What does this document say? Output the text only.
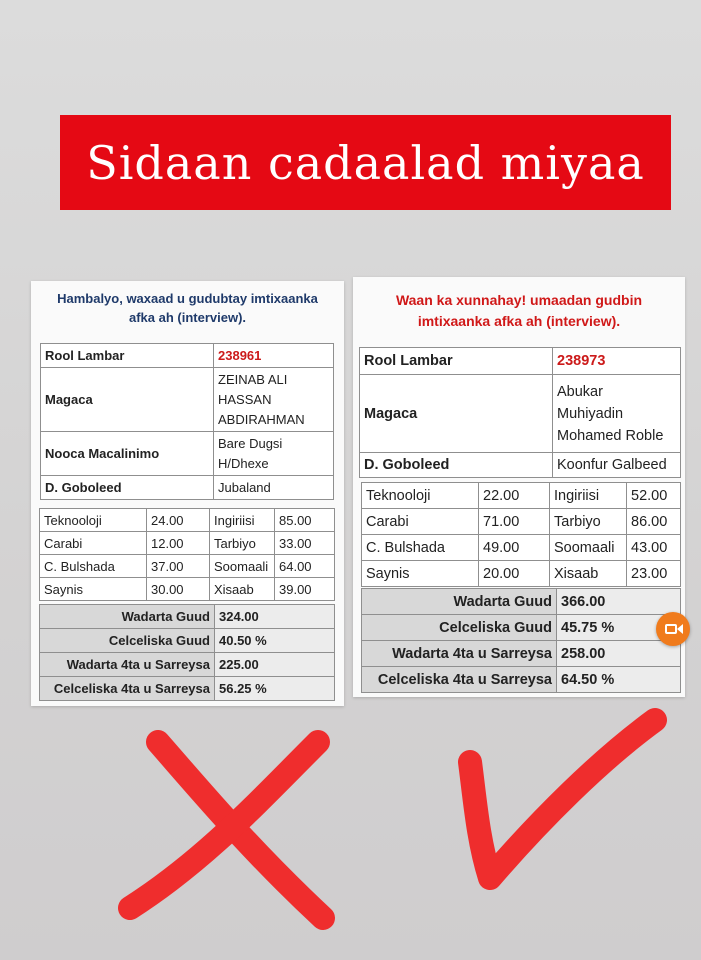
Sidaan cadaalad miyaa
Hambalyo, waxaad u gudubtay imtixaanka afka ah (interview).
Rool Lambar	238961
Magaca	ZEINAB ALI
HASSAN
ABDIRAHMAN

Nooca Macalinimo	Bare Dugsi
H/Dhexe

D. Goboleed	Jubaland
Teknooloji	24.00	Ingiriisi	85.00
Carabi	12.00	Tarbiyo	33.00
C. Bulshada	37.00	Soomaali	64.00
Saynis	30.00	Xisaab	39.00
Wadarta Guud	324.00
Celceliska Guud	40.50 %
Wadarta 4ta u Sarreysa	225.00
Celceliska 4ta u Sarreysa	56.25 %
Waan ka xunnahay! umaadan gudbin imtixaanka afka ah (interview).
Rool Lambar	238973
Magaca	Abukar
Muhiyadin
Mohamed Roble

D. Goboleed	Koonfur Galbeed
Teknooloji	22.00	Ingiriisi	52.00
Carabi	71.00	Tarbiyo	86.00
C. Bulshada	49.00	Soomaali	43.00
Saynis	20.00	Xisaab	23.00
Wadarta Guud	366.00
Celceliska Guud	45.75 %
Wadarta 4ta u Sarreysa	258.00
Celceliska 4ta u Sarreysa	64.50 %
